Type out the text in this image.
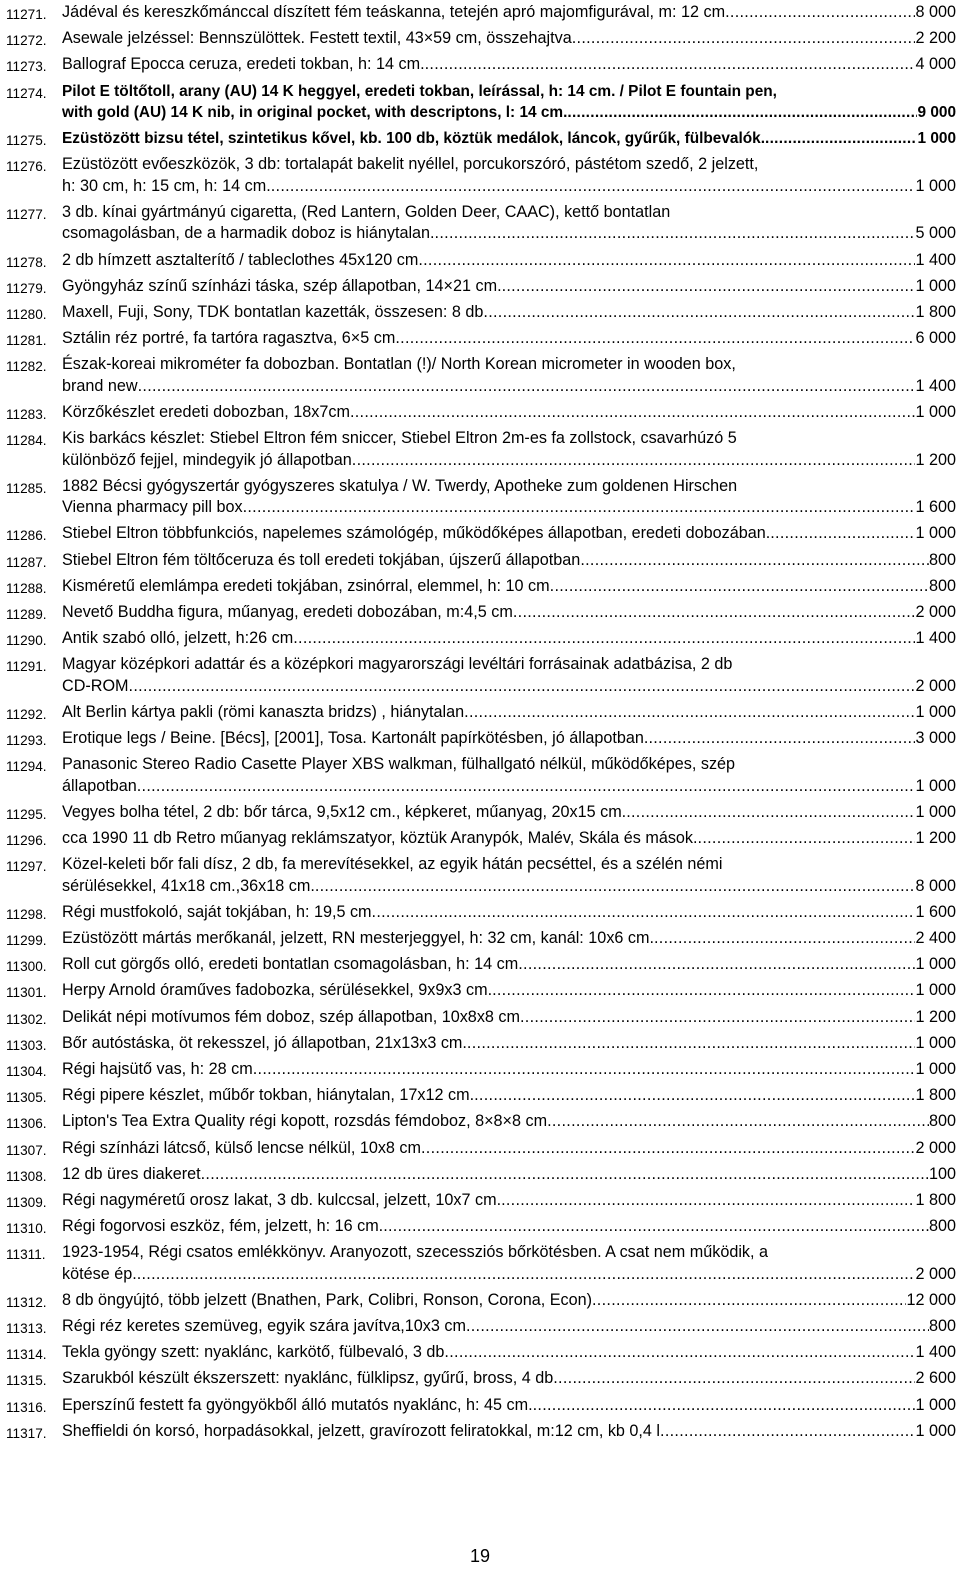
11271. Jádéval és kereszkőmánccal díszített fém teáskanna, tetején apró majomfigurával, m: 12 cm .....	8 000
11272. Asewale jelzéssel: Bennszülöttek. Festett textil, 43×59 cm, összehajtva .....	2 200
11273. Ballograf Epocca ceruza, eredeti tokban, h: 14 cm. .....	4 000
11274. Pilot E töltőtoll, arany (AU) 14 K heggyel, eredeti tokban, leírással, h: 14 cm. / Pilot E fountain pen,
with gold (AU) 14 K nib, in original pocket, with descriptons, l: 14 cm. .....	9 000
11275. Ezüstözött bizsu tétel, szintetikus kővel, kb. 100 db, köztük medálok, láncok, gyűrűk, fülbevalók. .....	1 000
11276. Ezüstözött evőeszközök, 3 db: tortalapát bakelit nyéllel, porcukorszóró, pástétom szedő, 2 jelzett,
h: 30 cm, h: 15 cm, h: 14 cm. .....	1 000
11277. 3 db. kínai gyártmányú cigaretta, (Red Lantern, Golden Deer, CAAC), kettő bontatlan
csomagolásban, de a harmadik doboz is hiánytalan. .....	5 000
11278. 2 db hímzett asztalterítő / tableclothes 45x120 cm .....	1 400
11279. Gyöngyház színű színházi táska, szép állapotban, 14×21 cm. .....	1 000
11280. Maxell, Fuji, Sony, TDK bontatlan kazetták, összesen: 8 db .....	1 800
11281. Sztálin réz portré, fa tartóra ragasztva, 6×5 cm .....	6 000
11282. Észak-koreai mikrométer fa dobozban. Bontatlan (!)/ North Korean micrometer in wooden box,
brand new .....	1 400
11283. Körzőkészlet eredeti dobozban, 18x7cm .....	1 000
11284. Kis barkács készlet: Stiebel Eltron fém sniccer, Stiebel Eltron 2m-es fa zollstock, csavarhúzó 5
különböző fejjel, mindegyik jó állapotban .....	1 200
11285. 1882 Bécsi gyógyszertár gyógyszeres skatulya / W. Twerdy, Apotheke zum goldenen Hirschen
Vienna pharmacy pill box .....	1 600
11286. Stiebel Eltron többfunkciós, napelemes számológép, működőképes állapotban, eredeti dobozában. .....	1 000
11287. Stiebel Eltron fém töltőceruza és toll eredeti tokjában, újszerű állapotban .....	800
11288. Kisméretű elemlámpa eredeti tokjában, zsinórral, elemmel, h: 10 cm .....	800
11289. Nevető Buddha figura, műanyag, eredeti dobozában, m:4,5 cm .....	2 000
11290. Antik szabó olló, jelzett, h:26 cm .....	1 400
11291. Magyar középkori adattár és a középkori magyarországi levéltári forrásainak adatbázisa, 2 db
CD-ROM .....	2 000
11292. Alt Berlin kártya pakli (römi kanaszta bridzs) , hiánytalan .....	1 000
11293. Erotique legs / Beine. [Bécs], [2001], Tosa. Kartonált papírkötésben, jó állapotban. .....	3 000
11294. Panasonic Stereo Radio Casette Player XBS walkman, fülhallgató nélkül, működőképes, szép
állapotban .....	1 000
11295. Vegyes bolha tétel, 2 db: bőr tárca, 9,5x12 cm., képkeret, műanyag, 20x15 cm. .....	1 000
11296. cca 1990 11 db Retro műanyag reklámszatyor, köztük Aranypók, Malév, Skála és mások. .....	1 200
11297. Közel-keleti bőr fali dísz, 2 db, fa merevítésekkel, az egyik hátán pecséttel, és a szélén némi
sérülésekkel, 41x18 cm.,36x18 cm. .....	8 000
11298. Régi mustfokoló, saját tokjában, h: 19,5 cm .....	1 600
11299. Ezüstözött mártás merőkanál, jelzett, RN mesterjeggyel, h: 32 cm, kanál: 10x6 cm. .....	2 400
11300. Roll cut görgős olló, eredeti bontatlan csomagolásban, h: 14 cm .....	1 000
11301. Herpy Arnold óraműves fadobozka, sérülésekkel, 9x9x3 cm. .....	1 000
11302. Delikát népi motívumos fém doboz, szép állapotban, 10x8x8 cm .....	1 200
11303. Bőr autóstáska, öt rekesszel, jó állapotban, 21x13x3 cm. .....	1 000
11304. Régi hajsütő vas, h: 28 cm .....	1 000
11305. Régi pipere készlet, műbőr tokban, hiánytalan, 17x12 cm. .....	1 800
11306. Lipton's Tea Extra Quality régi kopott, rozsdás fémdoboz, 8×8×8 cm .....	800
11307. Régi színházi látcső, külső lencse nélkül, 10x8 cm .....	2 000
11308. 12 db üres diakeret .....	100
11309. Régi nagyméretű orosz lakat, 3 db. kulccsal, jelzett, 10x7 cm. .....	1 800
11310. Régi fogorvosi eszköz, fém, jelzett, h: 16 cm. .....	800
11311. 1923-1954, Régi csatos emlékkönyv. Aranyozott, szecessziós bőrkötésben. A csat nem működik, a
kötése ép. .....	2 000
11312. 8 db öngyújtó, több jelzett (Bnathen, Park, Colibri, Ronson, Corona, Econ) .....	12 000
11313. Régi réz keretes szemüveg, egyik szára javítva,10x3 cm .....	800
11314. Tekla gyöngy szett: nyaklánc, karkötő, fülbevaló, 3 db .....	1 400
11315. Szarukból készült ékszerszett: nyaklánc, fülklipsz, gyűrű, bross, 4 db .....	2 600
11316. Eperszínű festett fa gyöngyökből álló mutatós nyaklánc, h: 45 cm. .....	1 000
11317. Sheffieldi ón korsó, horpadásokkal, jelzett, gravírozott feliratokkal, m:12 cm, kb 0,4 l .....	1 000
19
